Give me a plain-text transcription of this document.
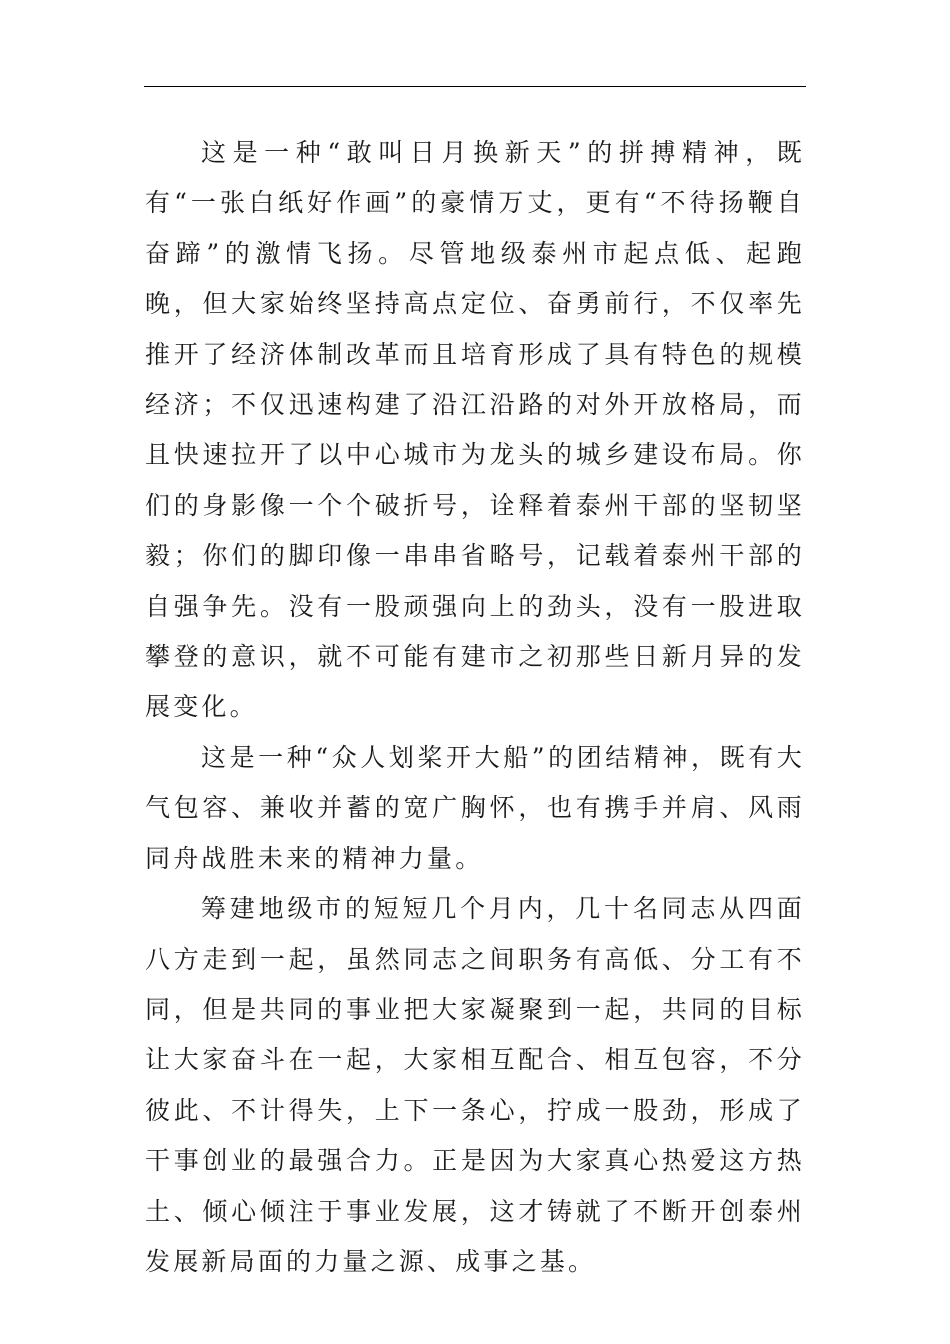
这是一种“敢叫日月换新天”的拼搏精神，既有“一张白纸好作画”的豪情万丈，更有“不待扬鞭自奋蹄”的激情飞扬。尽管地级泰州市起点低、起跑晚，但大家始终坚持高点定位、奋勇前行，不仅率先推开了经济体制改革而且培育形成了具有特色的规模经济；不仅迅速构建了沿江沿路的对外开放格局，而且快速拉开了以中心城市为龙头的城乡建设布局。你们的身影像一个个破折号，诠释着泰州干部的坚韧坚毅；你们的脚印像一串串省略号，记载着泰州干部的自强争先。没有一股顽强向上的劲头，没有一股进取攀登的意识，就不可能有建市之初那些日新月异的发展变化。

这是一种“众人划桨开大船”的团结精神，既有大气包容、兼收并蓄的宽广胸怀，也有携手并肩、风雨同舟战胜未来的精神力量。

筹建地级市的短短几个月内，几十名同志从四面八方走到一起，虽然同志之间职务有高低、分工有不同，但是共同的事业把大家凝聚到一起，共同的目标让大家奋斗在一起，大家相互配合、相互包容，不分彼此、不计得失，上下一条心，拧成一股劲，形成了干事创业的最强合力。正是因为大家真心热爱这方热土、倾心倾注于事业发展，这才铸就了不断开创泰州发展新局面的力量之源、成事之基。
